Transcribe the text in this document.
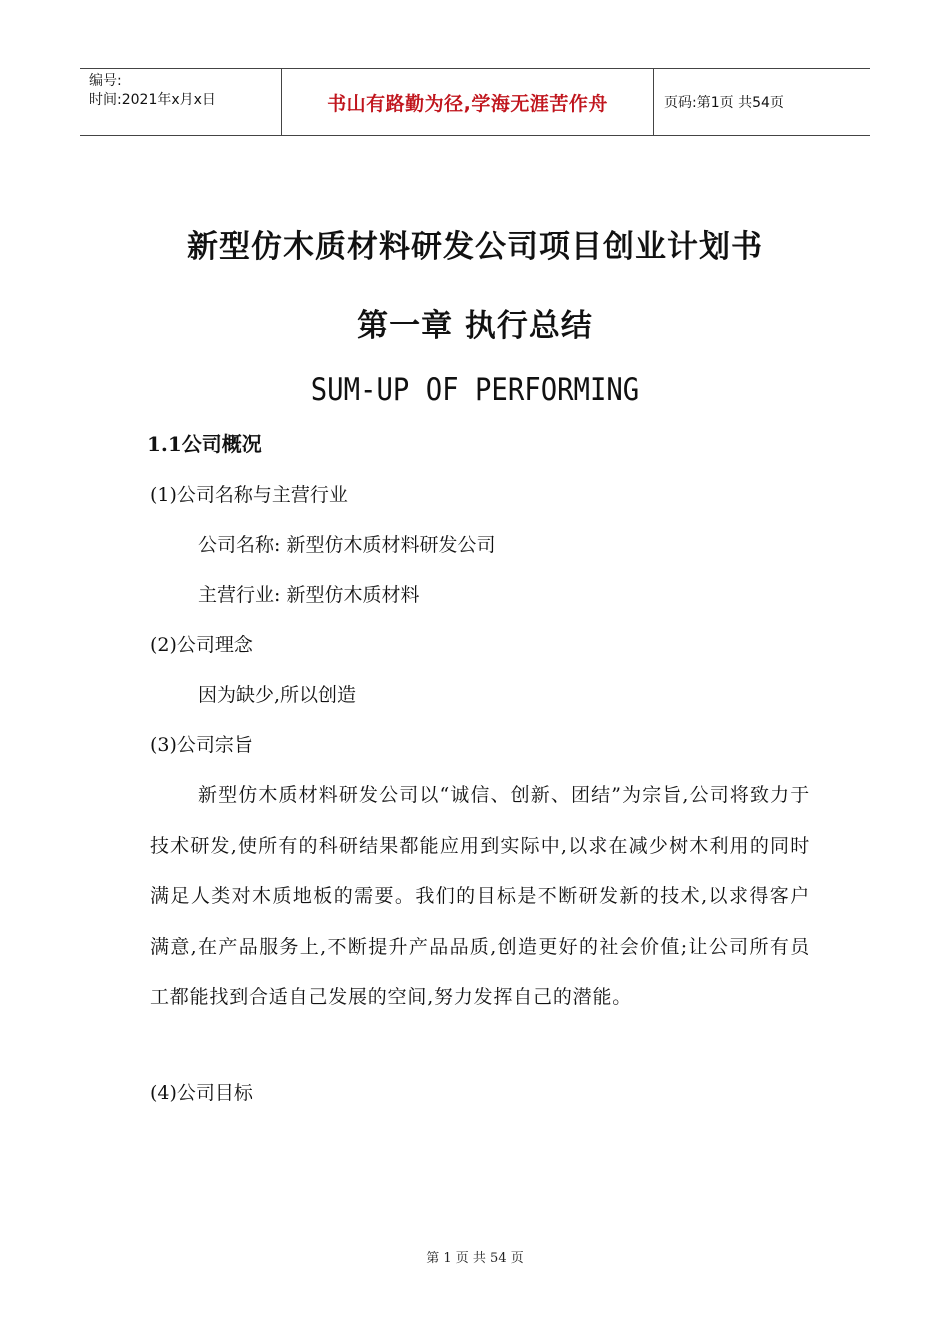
编号:
时间:2021年x月x日	书山有路勤为径,学海无涯苦作舟	页码:第1页 共54页
新型仿木质材料研发公司项目创业计划书
第一章 执行总结
SUM-UP OF PERFORMING
1.1公司概况

(1)公司名称与主营行业

公司名称: 新型仿木质材料研发公司

主营行业: 新型仿木质材料

(2)公司理念

因为缺少,所以创造

(3)公司宗旨

新型仿木质材料研发公司以“诚信、创新、团结”为宗旨,公司将致力于技术研发,使所有的科研结果都能应用到实际中,以求在减少树木利用的同时满足人类对木质地板的需要。我们的目标是不断研发新的技术,以求得客户满意,在产品服务上,不断提升产品品质,创造更好的社会价值;让公司所有员工都能找到合适自己发展的空间,努力发挥自己的潜能。

(4)公司目标

第 1 页 共 54 页
